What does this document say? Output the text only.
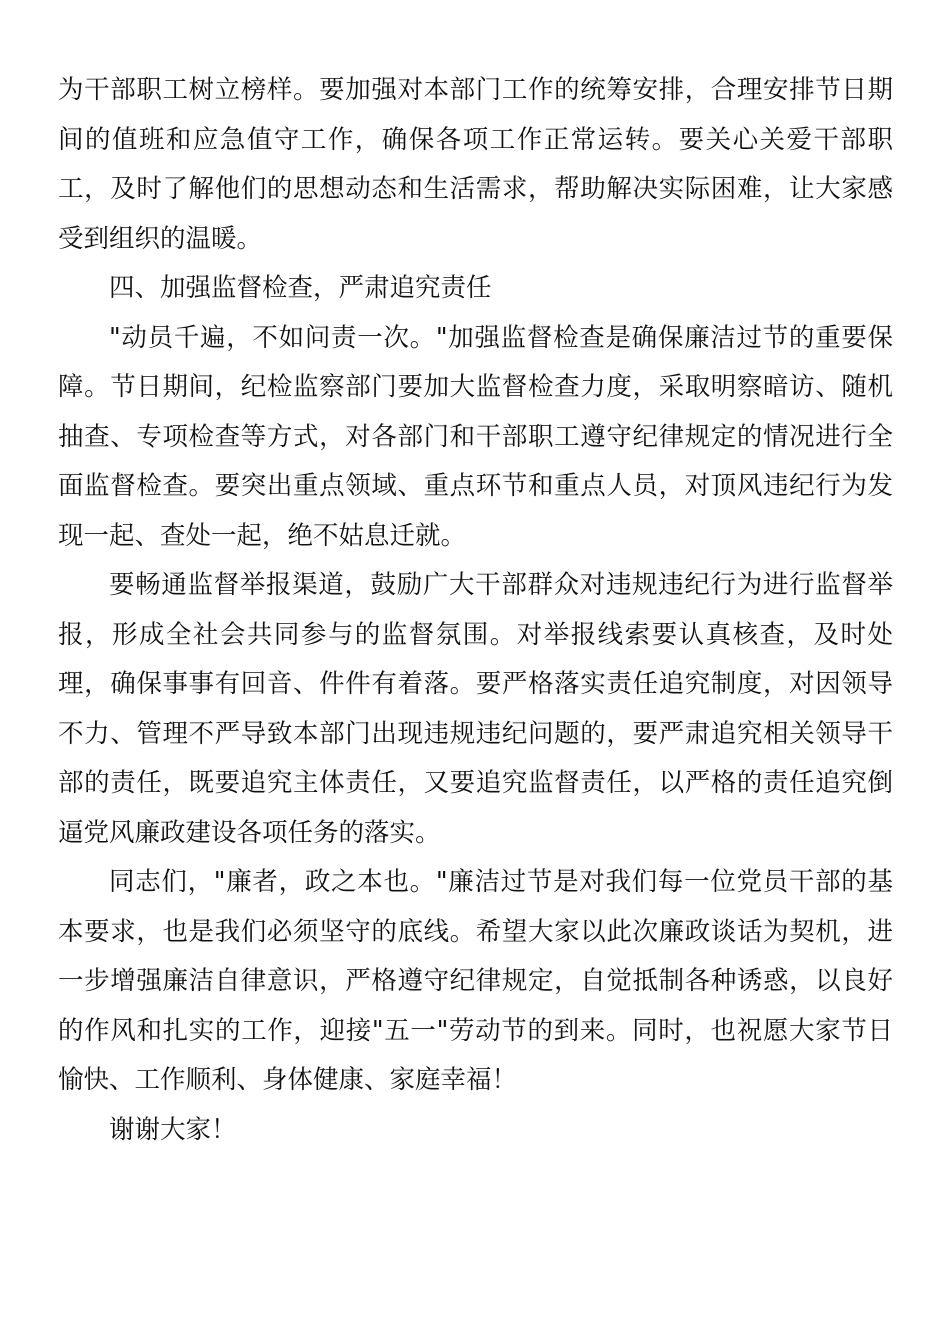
为干部职工树立榜样。要加强对本部门工作的统筹安排，合理安排节日期间的值班和应急值守工作，确保各项工作正常运转。要关心关爱干部职工，及时了解他们的思想动态和生活需求，帮助解决实际困难，让大家感受到组织的温暖。

四、加强监督检查，严肃追究责任

"动员千遍，不如问责一次。"加强监督检查是确保廉洁过节的重要保障。节日期间，纪检监察部门要加大监督检查力度，采取明察暗访、随机抽查、专项检查等方式，对各部门和干部职工遵守纪律规定的情况进行全面监督检查。要突出重点领域、重点环节和重点人员，对顶风违纪行为发现一起、查处一起，绝不姑息迁就。

要畅通监督举报渠道，鼓励广大干部群众对违规违纪行为进行监督举报，形成全社会共同参与的监督氛围。对举报线索要认真核查，及时处理，确保事事有回音、件件有着落。要严格落实责任追究制度，对因领导不力、管理不严导致本部门出现违规违纪问题的，要严肃追究相关领导干部的责任，既要追究主体责任，又要追究监督责任，以严格的责任追究倒逼党风廉政建设各项任务的落实。

同志们，"廉者，政之本也。"廉洁过节是对我们每一位党员干部的基本要求，也是我们必须坚守的底线。希望大家以此次廉政谈话为契机，进一步增强廉洁自律意识，严格遵守纪律规定，自觉抵制各种诱惑，以良好的作风和扎实的工作，迎接"五一"劳动节的到来。同时，也祝愿大家节日愉快、工作顺利、身体健康、家庭幸福！

谢谢大家！
